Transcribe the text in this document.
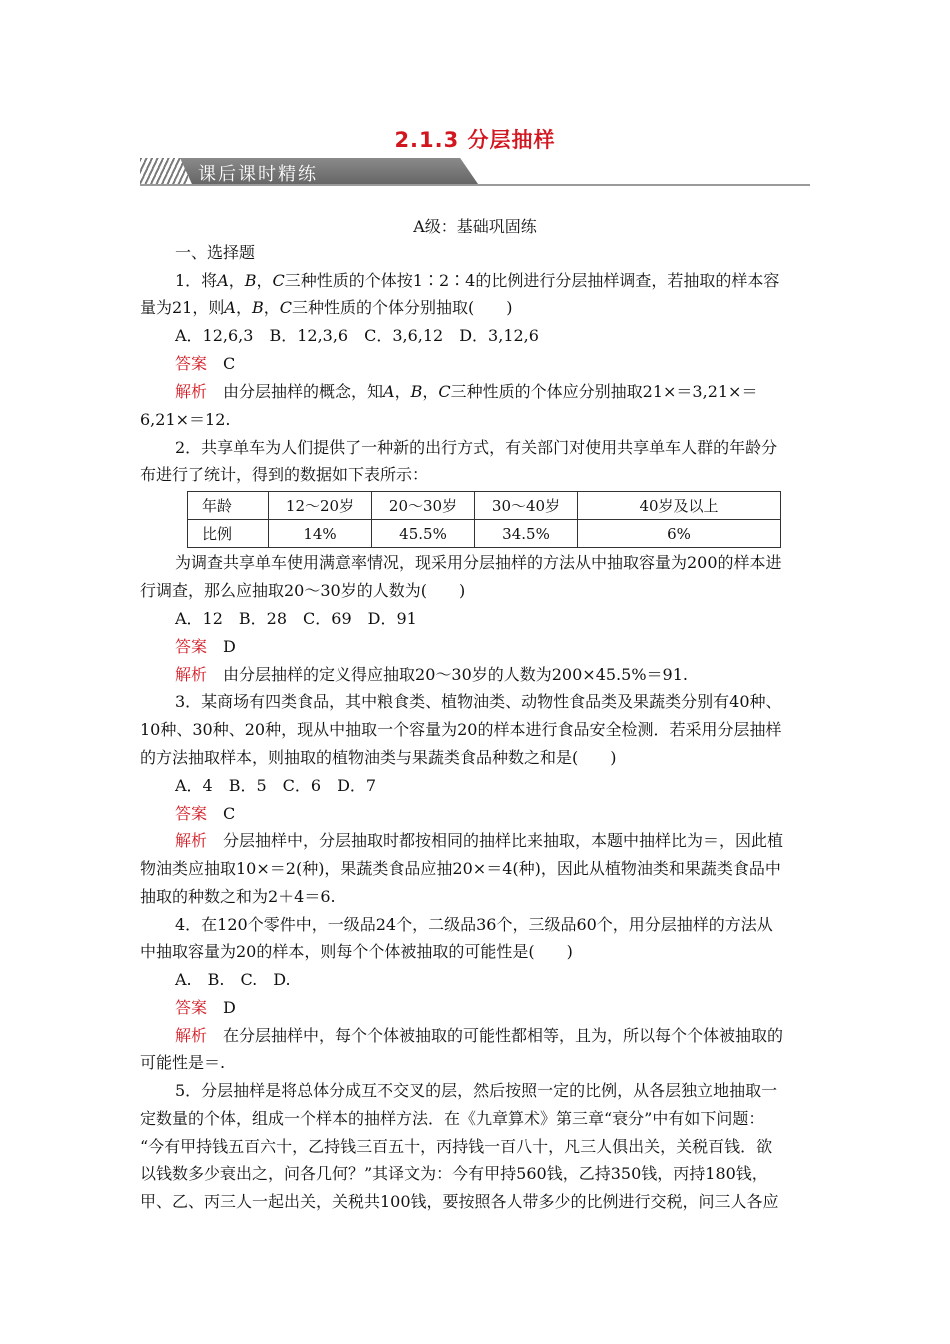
2.1.3 分层抽样
课后课时精练
A级：基础巩固练
一、选择题
1．将A，B，C三种性质的个体按1∶2∶4的比例进行分层抽样调查，若抽取的样本容
量为21，则A，B，C三种性质的个体分别抽取(　　)
A．12,6,3　B．12,3,6　C．3,6,12　D．3,12,6
答案　 C
解析　 由分层抽样的概念，知A，B，C三种性质的个体应分别抽取21×＝3,21×＝
6,21×＝12.
2．共享单车为人们提供了一种新的出行方式，有关部门对使用共享单车人群的年龄分
布进行了统计，得到的数据如下表所示：
年龄	12～20岁	20～30岁	30～40岁	40岁及以上
比例	14%	45.5%	34.5%	6%
为调查共享单车使用满意率情况，现采用分层抽样的方法从中抽取容量为200的样本进
行调查，那么应抽取20～30岁的人数为(　　)
A．12　B．28　C．69　D．91
答案　 D
解析　 由分层抽样的定义得应抽取20～30岁的人数为200×45.5%＝91.
3．某商场有四类食品，其中粮食类、植物油类、动物性食品类及果蔬类分别有40种、
10种、30种、20种，现从中抽取一个容量为20的样本进行食品安全检测．若采用分层抽样
的方法抽取样本，则抽取的植物油类与果蔬类食品种数之和是(　　)
A．4　B．5　C．6　D．7
答案　 C
解析　 分层抽样中，分层抽取时都按相同的抽样比来抽取，本题中抽样比为＝，因此植
物油类应抽取10×＝2(种)，果蔬类食品应抽20×＝4(种)，因此从植物油类和果蔬类食品中
抽取的种数之和为2＋4＝6.
4．在120个零件中，一级品24个，二级品36个，三级品60个，用分层抽样的方法从
中抽取容量为20的样本，则每个个体被抽取的可能性是(　　)
A.　B.　C.　D.
答案　 D
解析　 在分层抽样中，每个个体被抽取的可能性都相等，且为，所以每个个体被抽取的
可能性是＝.
5．分层抽样是将总体分成互不交叉的层，然后按照一定的比例，从各层独立地抽取一
定数量的个体，组成一个样本的抽样方法．在《九章算术》第三章“衰分”中有如下问题：
“今有甲持钱五百六十，乙持钱三百五十，丙持钱一百八十，凡三人俱出关，关税百钱．欲
以钱数多少衰出之，问各几何？”其译文为：今有甲持560钱，乙持350钱，丙持180钱，
甲、乙、丙三人一起出关，关税共100钱，要按照各人带多少的比例进行交税，问三人各应
